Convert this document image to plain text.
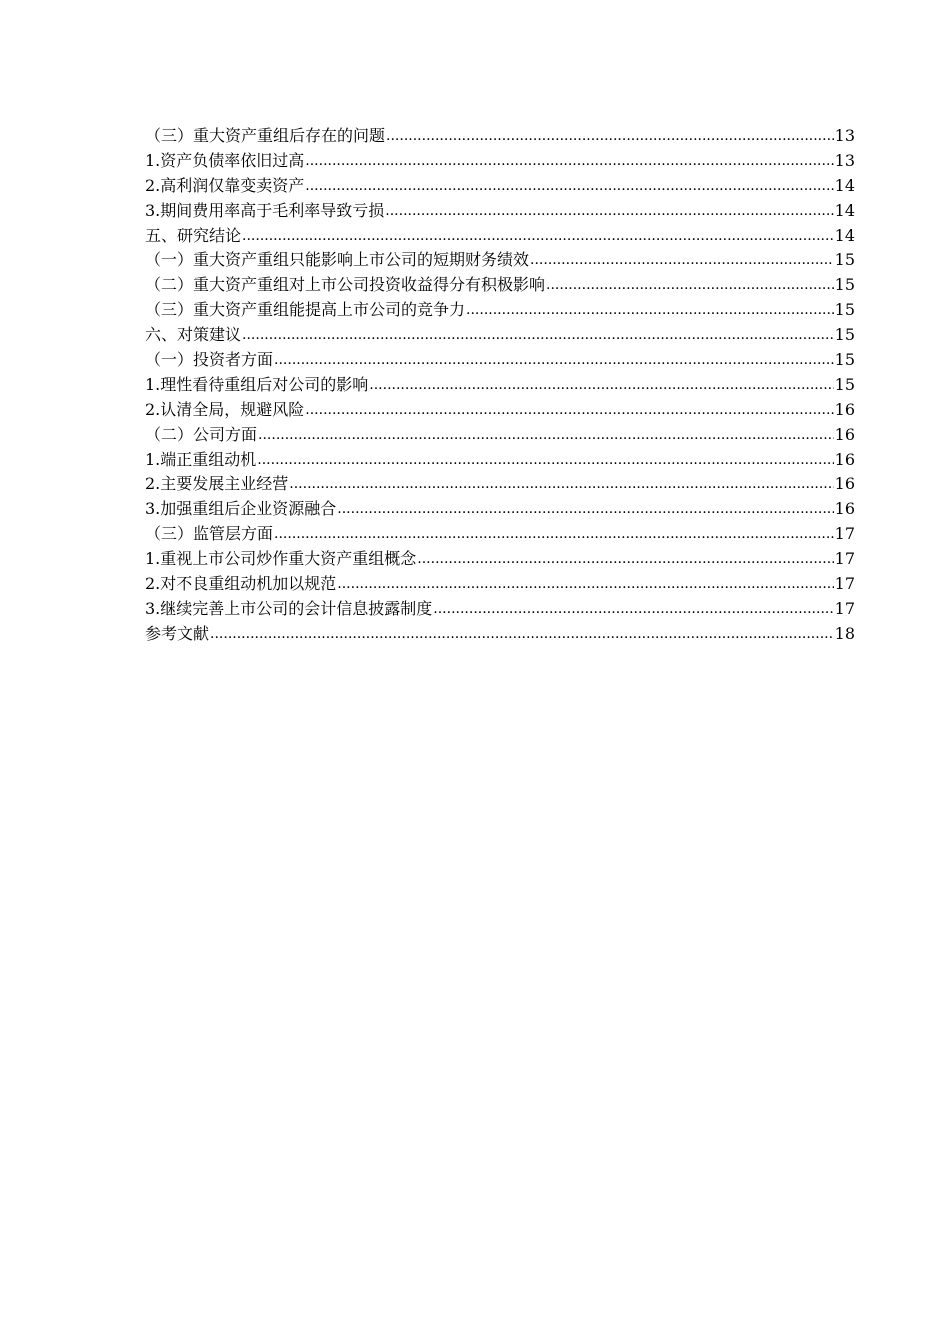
（三）重大资产重组后存在的问题 .....	13
1.资产负债率依旧过高 .....	13
2.高利润仅靠变卖资产 .....	14
3.期间费用率高于毛利率导致亏损 .....	14
五、研究结论 .....	14
（一）重大资产重组只能影响上市公司的短期财务绩效 .....	15
（二）重大资产重组对上市公司投资收益得分有积极影响 .....	15
（三）重大资产重组能提高上市公司的竞争力 .....	15
六、对策建议 .....	15
（一）投资者方面 .....	15
1.理性看待重组后对公司的影响 .....	15
2.认清全局，规避风险 .....	16
（二）公司方面 .....	16
1.端正重组动机 .....	16
2.主要发展主业经营 .....	16
3.加强重组后企业资源融合 .....	16
（三）监管层方面 .....	17
1.重视上市公司炒作重大资产重组概念 .....	17
2.对不良重组动机加以规范 .....	17
3.继续完善上市公司的会计信息披露制度 .....	17
参考文献 .....	18
